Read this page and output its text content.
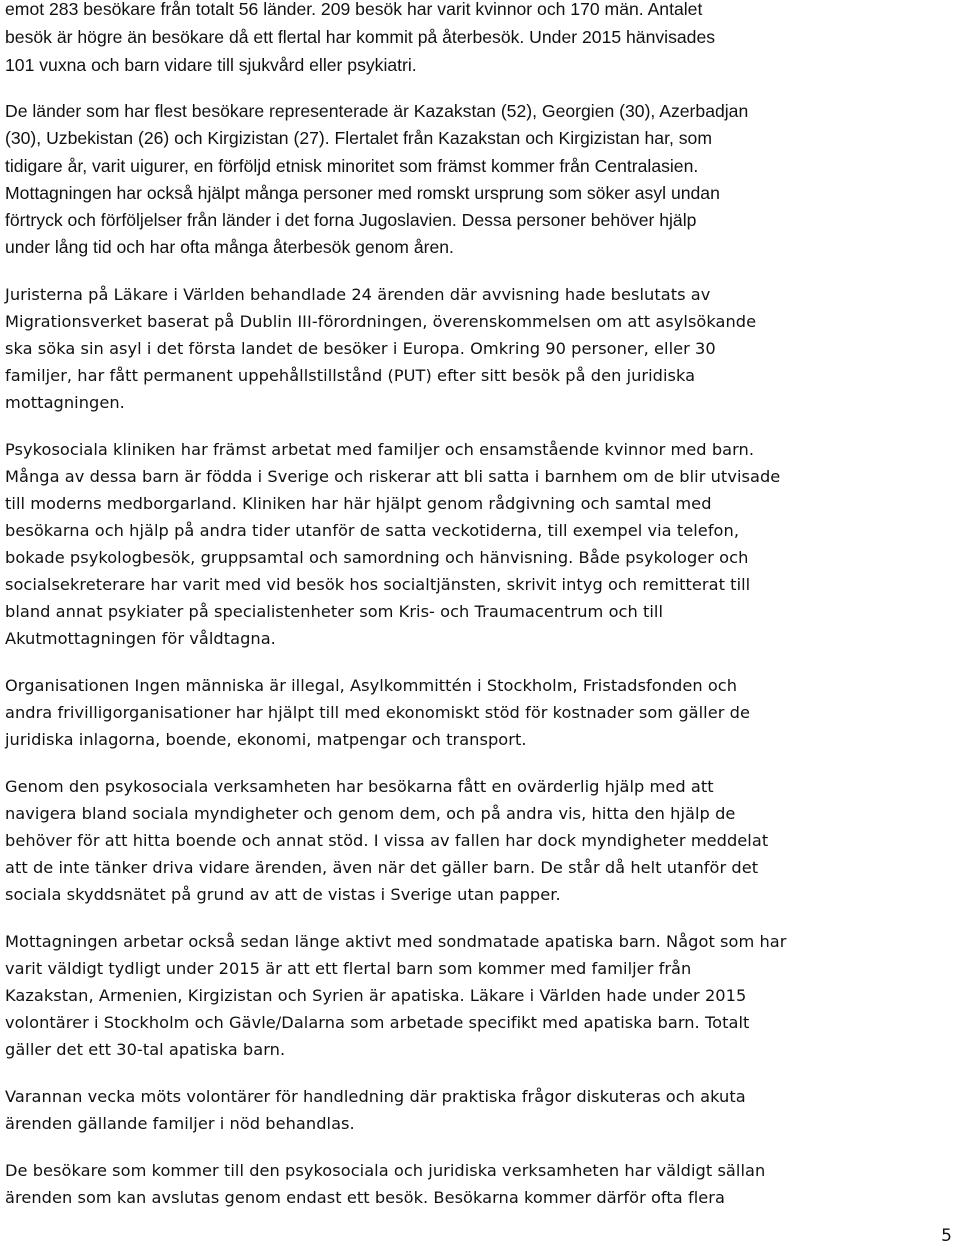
emot 283 besökare från totalt 56 länder. 209 besök har varit kvinnor och 170 män. Antalet
besök är högre än besökare då ett flertal har kommit på återbesök. Under 2015 hänvisades
101 vuxna och barn vidare till sjukvård eller psykiatri.
De länder som har flest besökare representerade är Kazakstan (52), Georgien (30), Azerbadjan
(30), Uzbekistan (26) och Kirgizistan (27). Flertalet från Kazakstan och Kirgizistan har, som
tidigare år, varit uigurer, en förföljd etnisk minoritet som främst kommer från Centralasien.
Mottagningen har också hjälpt många personer med romskt ursprung som söker asyl undan
förtryck och förföljelser från länder i det forna Jugoslavien. Dessa personer behöver hjälp
under lång tid och har ofta många återbesök genom åren.
Juristerna på Läkare i Världen behandlade 24 ärenden där avvisning hade beslutats av
Migrationsverket baserat på Dublin III-förordningen, överenskommelsen om att asylsökande
ska söka sin asyl i det första landet de besöker i Europa. Omkring 90 personer, eller 30
familjer, har fått permanent uppehållstillstånd (PUT) efter sitt besök på den juridiska
mottagningen.
Psykosociala kliniken har främst arbetat med familjer och ensamstående kvinnor med barn.
Många av dessa barn är födda i Sverige och riskerar att bli satta i barnhem om de blir utvisade
till moderns medborgarland. Kliniken har här hjälpt genom rådgivning och samtal med
besökarna och hjälp på andra tider utanför de satta veckotiderna, till exempel via telefon,
bokade psykologbesök, gruppsamtal och samordning och hänvisning. Både psykologer och
socialsekreterare har varit med vid besök hos socialtjänsten, skrivit intyg och remitterat till
bland annat psykiater på specialistenheter som Kris- och Traumacentrum och till
Akutmottagningen för våldtagna.
Organisationen Ingen människa är illegal, Asylkommittén i Stockholm, Fristadsfonden och
andra frivilligorganisationer har hjälpt till med ekonomiskt stöd för kostnader som gäller de
juridiska inlagorna, boende, ekonomi, matpengar och transport.
Genom den psykosociala verksamheten har besökarna fått en ovärderlig hjälp med att
navigera bland sociala myndigheter och genom dem, och på andra vis, hitta den hjälp de
behöver för att hitta boende och annat stöd. I vissa av fallen har dock myndigheter meddelat
att de inte tänker driva vidare ärenden, även när det gäller barn. De står då helt utanför det
sociala skyddsnätet på grund av att de vistas i Sverige utan papper.
Mottagningen arbetar också sedan länge aktivt med sondmatade apatiska barn. Något som har
varit väldigt tydligt under 2015 är att ett flertal barn som kommer med familjer från
Kazakstan, Armenien, Kirgizistan och Syrien är apatiska. Läkare i Världen hade under 2015
volontärer i Stockholm och Gävle/Dalarna som arbetade specifikt med apatiska barn. Totalt
gäller det ett 30-tal apatiska barn.
Varannan vecka möts volontärer för handledning där praktiska frågor diskuteras och akuta
ärenden gällande familjer i nöd behandlas.
De besökare som kommer till den psykosociala och juridiska verksamheten har väldigt sällan
ärenden som kan avslutas genom endast ett besök. Besökarna kommer därför ofta flera
5
